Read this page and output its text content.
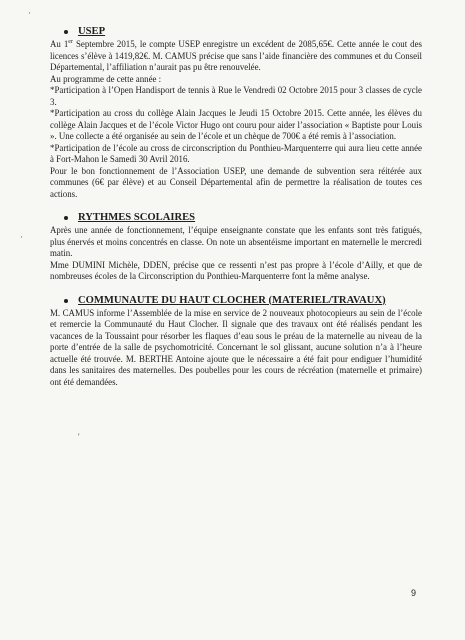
·
·
'
USEP

Au 1er Septembre 2015, le compte USEP enregistre un excédent de 2085,65€. Cette année le cout des licences s’élève à 1419,82€. M. CAMUS précise que sans l’aide financière des communes et du Conseil Départemental, l’affiliation n’aurait pas pu être renouvelée.

Au programme de cette année :

*Participation à l’Open Handisport de tennis à Rue le Vendredi 02 Octobre 2015 pour 3 classes de cycle 3.

*Participation au cross du collège Alain Jacques le Jeudi 15 Octobre 2015. Cette année, les élèves du collège Alain Jacques et de l’école Victor Hugo ont couru pour aider l’association « Baptiste pour Louis ». Une collecte a été organisée au sein de l’école et un chèque de 700€ a été remis à l’association.

*Participation de l’école au cross de circonscription du Ponthieu-Marquenterre qui aura lieu cette année à Fort-Mahon le Samedi 30 Avril 2016.

Pour le bon fonctionnement de l’Association USEP, une demande de subvention sera réitérée aux communes (6€ par élève) et au Conseil Départemental afin de permettre la réalisation de toutes ces actions.

RYTHMES SCOLAIRES

Après une année de fonctionnement, l’équipe enseignante constate que les enfants sont très fatigués, plus énervés et moins concentrés en classe. On note un absentéisme important en maternelle le mercredi matin.

Mme DUMINI Michèle, DDEN, précise que ce ressenti n’est pas propre à l’école d’Ailly, et que de nombreuses écoles de la Circonscription du Ponthieu-Marquenterre font la même analyse.

COMMUNAUTE DU HAUT CLOCHER (MATERIEL/TRAVAUX)

M. CAMUS informe l’Assemblée de la mise en service de 2 nouveaux photocopieurs au sein de l’école et remercie la Communauté du Haut Clocher. Il signale que des travaux ont été réalisés pendant les vacances de la Toussaint pour résorber les flaques d’eau sous le préau de la maternelle au niveau de la porte d’entrée de la salle de psychomotricité. Concernant le sol glissant, aucune solution n’a à l’heure actuelle été trouvée. M. BERTHE Antoine ajoute que le nécessaire a été fait pour endiguer l’humidité dans les sanitaires des maternelles. Des poubelles pour les cours de récréation (maternelle et primaire) ont été demandées.

9
